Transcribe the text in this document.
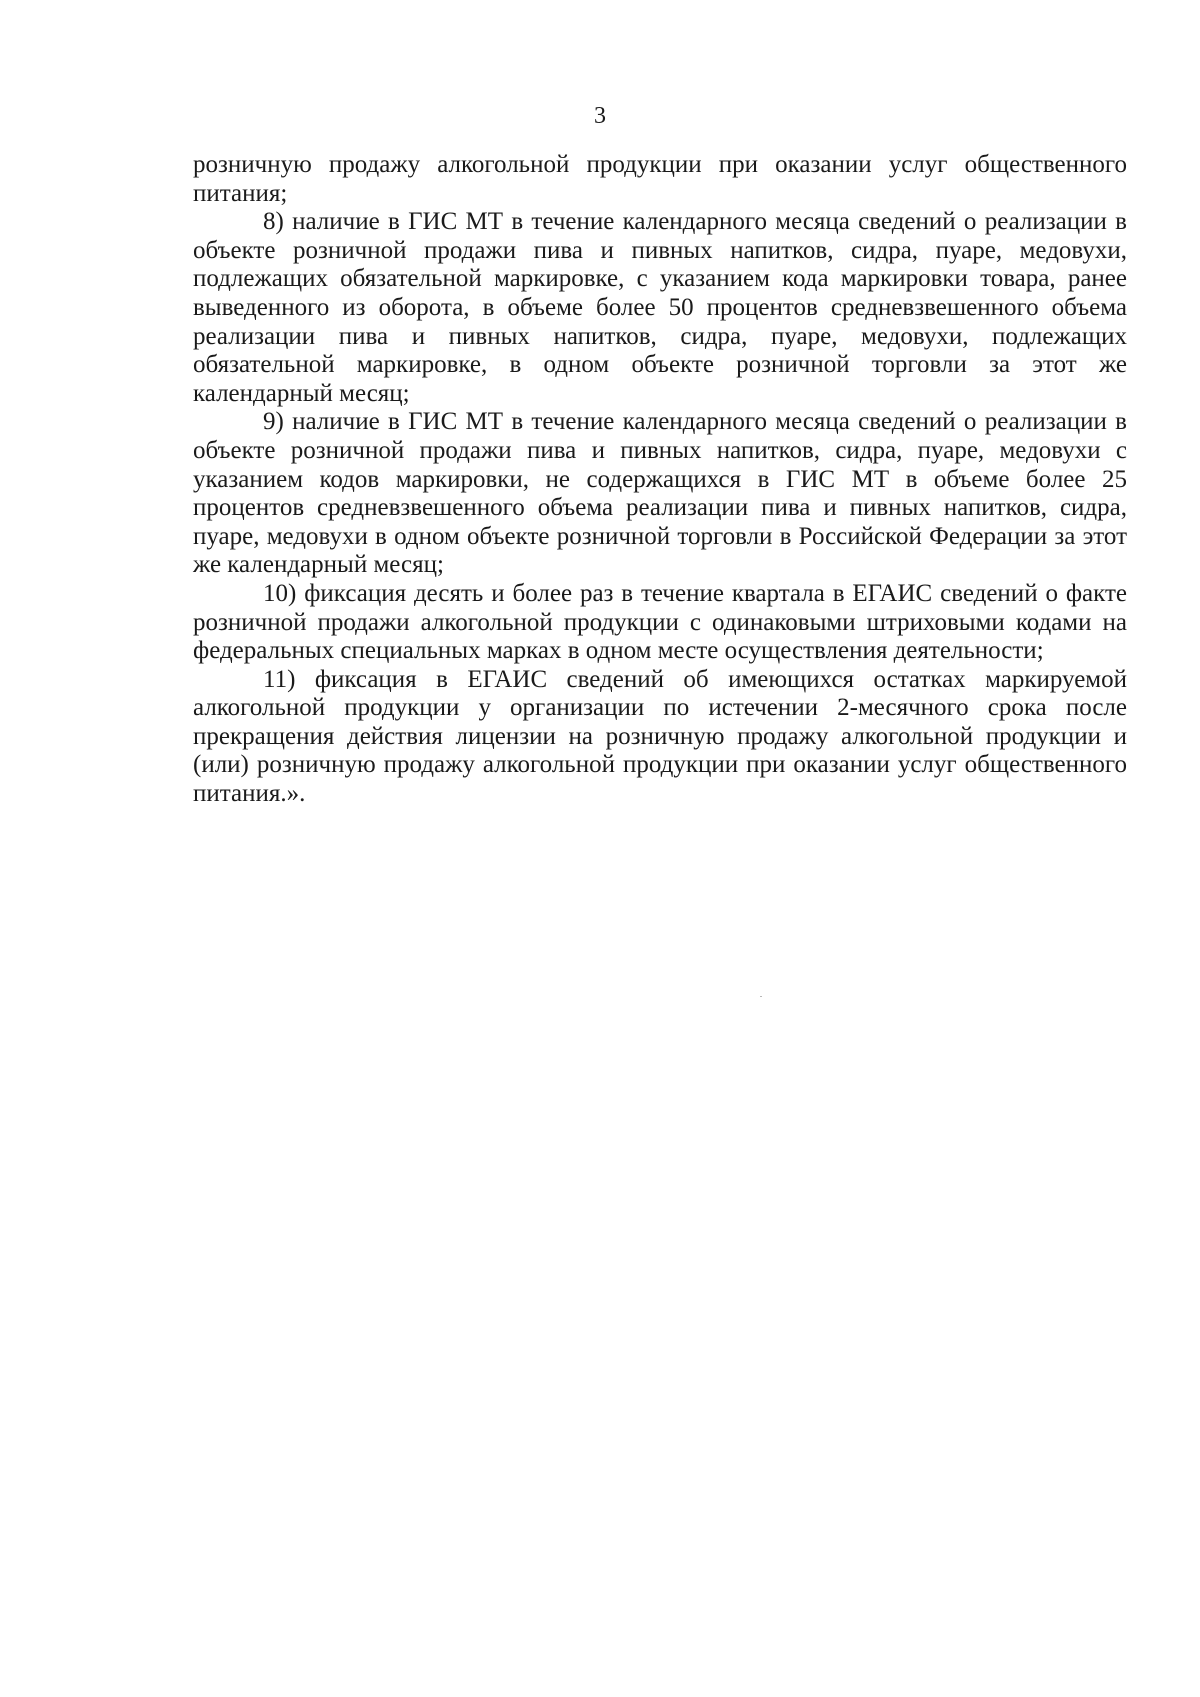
3

розничную продажу алкогольной продукции при оказании услуг общественного питания;

8) наличие в ГИС МТ в течение календарного месяца сведений о реализации в объекте розничной продажи пива и пивных напитков, сидра, пуаре, медовухи, подлежащих обязательной маркировке, с указанием кода маркировки товара, ранее выведенного из оборота, в объеме более 50 процентов средневзвешенного объема реализации пива и пивных напитков, сидра, пуаре, медовухи, подлежащих обязательной маркировке, в одном объекте розничной торговли за этот же календарный месяц;

9) наличие в ГИС МТ в течение календарного месяца сведений о реализации в объекте розничной продажи пива и пивных напитков, сидра, пуаре, медовухи с указанием кодов маркировки, не содержащихся в ГИС МТ в объеме более 25 процентов средневзвешенного объема реализации пива и пивных напитков, сидра, пуаре, медовухи в одном объекте розничной торговли в Российской Федерации за этот же календарный месяц;

10) фиксация десять и более раз в течение квартала в ЕГАИС сведений о факте розничной продажи алкогольной продукции с одинаковыми штриховыми кодами на федеральных специальных марках в одном месте осуществления деятельности;

11) фиксация в ЕГАИС сведений об имеющихся остатках маркируемой алкогольной продукции у организации по истечении 2-месячного срока после прекращения действия лицензии на розничную продажу алкогольной продукции и (или) розничную продажу алкогольной продукции при оказании услуг общественного питания.».
